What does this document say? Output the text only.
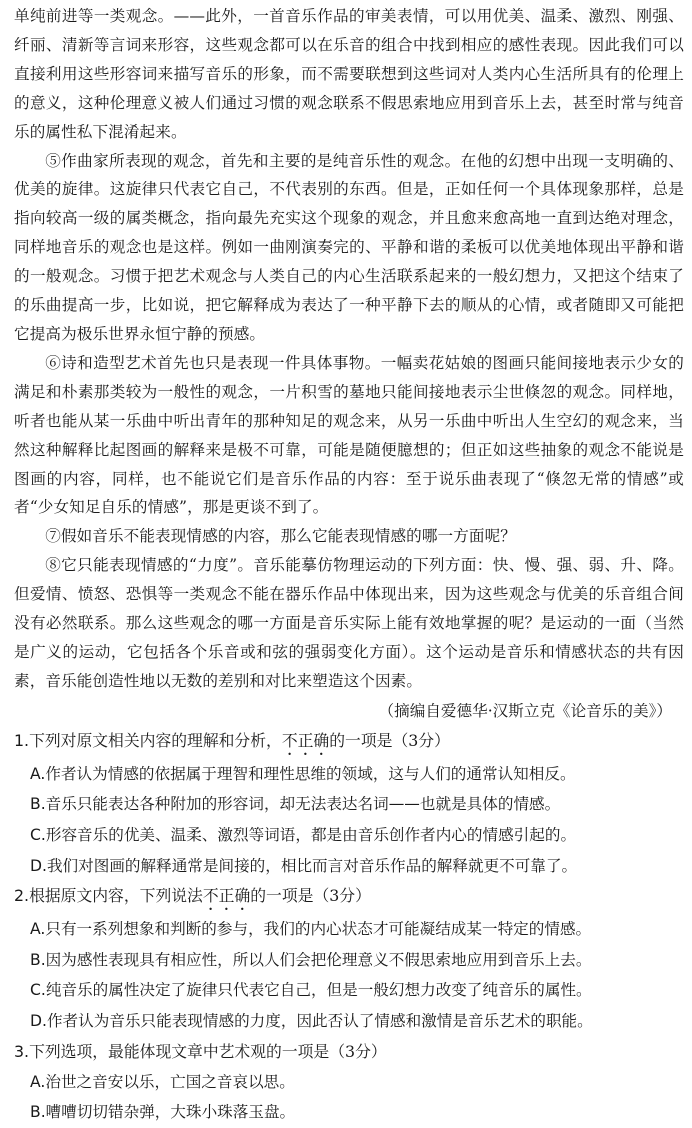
单纯前进等一类观念。——此外，一首音乐作品的审美表情，可以用优美、温柔、激烈、刚强、纤丽、清新等言词来形容，这些观念都可以在乐音的组合中找到相应的感性表现。因此我们可以直接利用这些形容词来描写音乐的形象，而不需要联想到这些词对人类内心生活所具有的伦理上的意义，这种伦理意义被人们通过习惯的观念联系不假思索地应用到音乐上去，甚至时常与纯音乐的属性私下混淆起来。

⑤作曲家所表现的观念，首先和主要的是纯音乐性的观念。在他的幻想中出现一支明确的、优美的旋律。这旋律只代表它自己，不代表别的东西。但是，正如任何一个具体现象那样，总是指向较高一级的属类概念，指向最先充实这个现象的观念，并且愈来愈高地一直到达绝对理念，同样地音乐的观念也是这样。例如一曲刚演奏完的、平静和谐的柔板可以优美地体现出平静和谐的一般观念。习惯于把艺术观念与人类自己的内心生活联系起来的一般幻想力，又把这个结束了的乐曲提高一步，比如说，把它解释成为表达了一种平静下去的顺从的心情，或者随即又可能把它提高为极乐世界永恒宁静的预感。

⑥诗和造型艺术首先也只是表现一件具体事物。一幅卖花姑娘的图画只能间接地表示少女的满足和朴素那类较为一般性的观念，一片积雪的墓地只能间接地表示尘世倏忽的观念。同样地，听者也能从某一乐曲中听出青年的那种知足的观念来，从另一乐曲中听出人生空幻的观念来，当然这种解释比起图画的解释来是极不可靠，可能是随便臆想的；但正如这些抽象的观念不能说是图画的内容，同样，也不能说它们是音乐作品的内容：至于说乐曲表现了“倏忽无常的情感”或者“少女知足自乐的情感”，那是更谈不到了。

⑦假如音乐不能表现情感的内容，那么它能表现情感的哪一方面呢？

⑧它只能表现情感的“力度”。音乐能摹仿物理运动的下列方面：快、慢、强、弱、升、降。但爱情、愤怒、恐惧等一类观念不能在器乐作品中体现出来，因为这些观念与优美的乐音组合间没有必然联系。那么这些观念的哪一方面是音乐实际上能有效地掌握的呢？是运动的一面（当然是广义的运动，它包括各个乐音或和弦的强弱变化方面）。这个运动是音乐和情感状态的共有因素，音乐能创造性地以无数的差别和对比来塑造这个因素。

（摘编自爱德华·汉斯立克《论音乐的美》）

1.下列对原文相关内容的理解和分析，不正确的一项是（3分）

A.作者认为情感的依据属于理智和理性思维的领域，这与人们的通常认知相反。

B.音乐只能表达各种附加的形容词，却无法表达名词——也就是具体的情感。

C.形容音乐的优美、温柔、激烈等词语，都是由音乐创作者内心的情感引起的。

D.我们对图画的解释通常是间接的，相比而言对音乐作品的解释就更不可靠了。

2.根据原文内容，下列说法不正确的一项是（3分）

A.只有一系列想象和判断的参与，我们的内心状态才可能凝结成某一特定的情感。

B.因为感性表现具有相应性，所以人们会把伦理意义不假思索地应用到音乐上去。

C.纯音乐的属性决定了旋律只代表它自己，但是一般幻想力改变了纯音乐的属性。

D.作者认为音乐只能表现情感的力度，因此否认了情感和激情是音乐艺术的职能。

3.下列选项，最能体现文章中艺术观的一项是（3分）

A.治世之音安以乐，亡国之音哀以思。

B.嘈嘈切切错杂弹，大珠小珠落玉盘。
